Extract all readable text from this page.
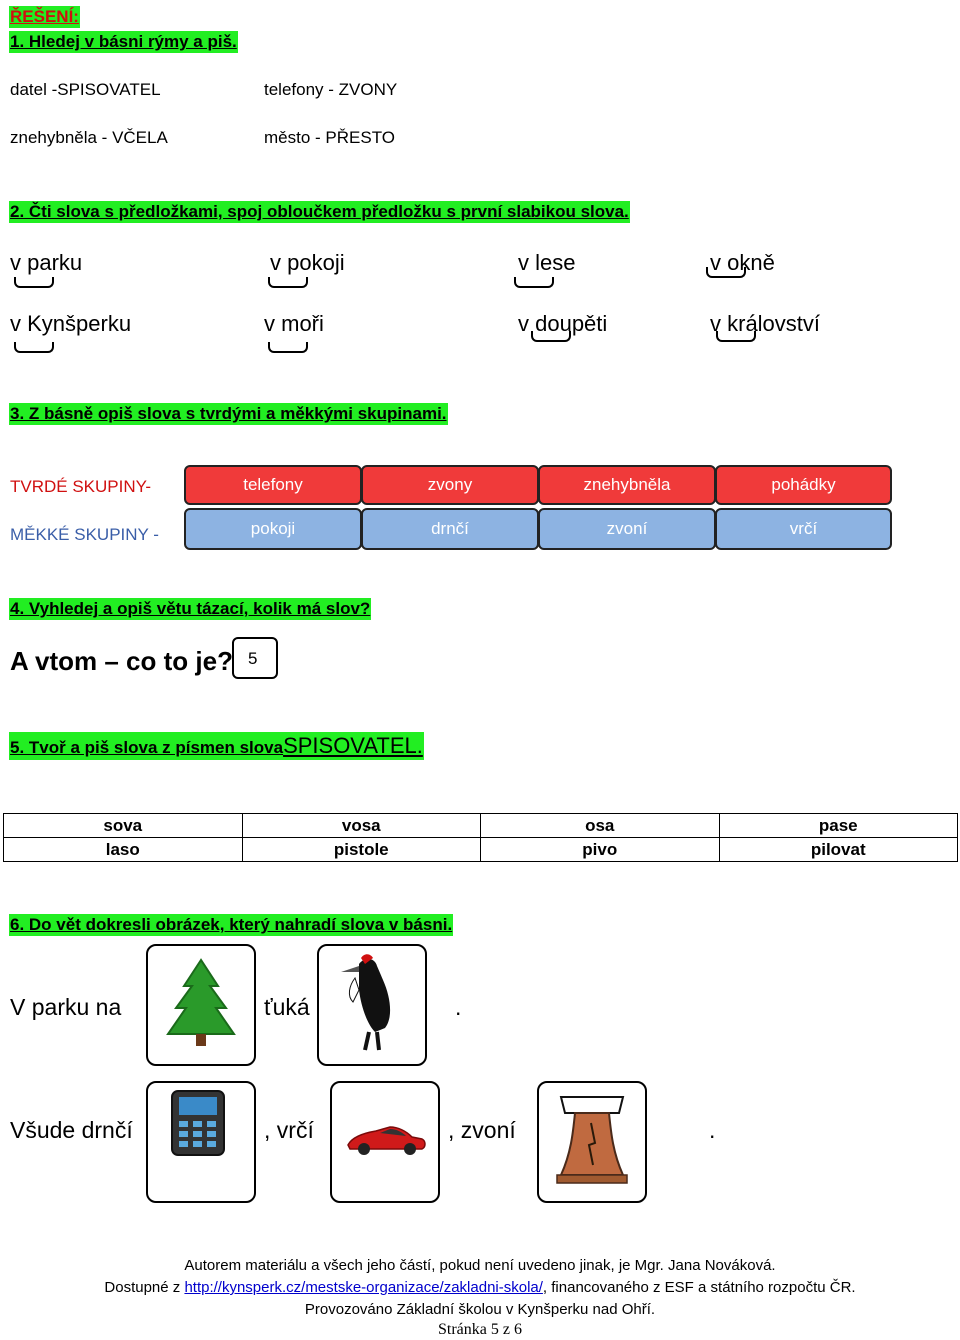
ŘEŠENÍ:
1. Hledej v básni rýmy a piš.
datel -SPISOVATEL	telefony - ZVONY
znehybněla - VČELA	město - PŘESTO
2. Čti slova s předložkami, spoj obloučkem předložku s první slabikou slova.
v parku	v pokoji	v lese	v okně
v Kynšperku	v moři	v doupěti	v království
3. Z básně opiš slova s tvrdými a měkkými skupinami.
TVRDÉ SKUPINY-
MĚKKÉ SKUPINY -
telefony	zvony	znehybněla	pohádky
pokoji	drnčí	zvoní	vrčí
4. Vyhledej a opiš větu tázací, kolik má slov?
A vtom – co to je? 5
5. Tvoř a piš slova z písmen slova SPISOVATEL.
sova	vosa	osa	pase
laso	pistole	pivo	pilovat
6. Do vět dokresli obrázek, který nahradí slova v básni.
V parku na	ťuká	.
Všude drnčí	, vrčí	, zvoní	.
Autorem materiálu a všech jeho částí, pokud není uvedeno jinak, je Mgr. Jana Nováková.
Dostupné z http://kynsperk.cz/mestske-organizace/zakladni-skola/, financovaného z ESF a státního rozpočtu ČR.
Provozováno Základní školou v Kynšperku nad Ohří.
Stránka 5 z 6
